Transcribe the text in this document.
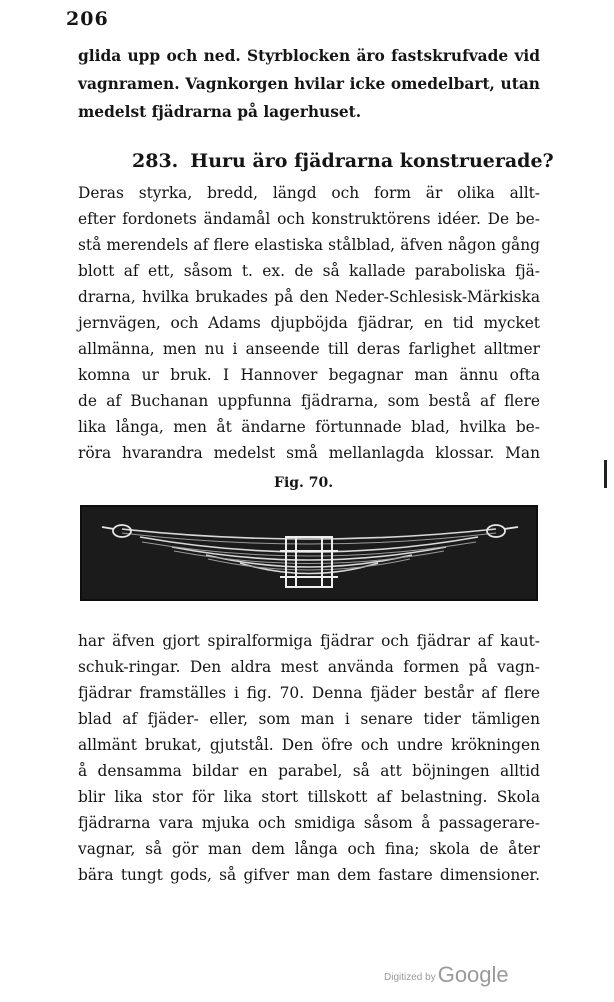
206
glida upp och ned. Styrblocken äro fastskrufvade vid
vagnramen. Vagnkorgen hvilar icke omedelbart, utan
medelst fjädrarna på lagerhuset.
283. Huru äro fjädrarna konstruerade?
Deras styrka, bredd, längd och form är olika allt-
efter fordonets ändamål och konstruktörens idéer. De be-
stå merendels af flere elastiska stålblad, äfven någon gång
blott af ett, såsom t. ex. de så kallade paraboliska fjä-
drarna, hvilka brukades på den Neder-Schlesisk-Märkiska
jernvägen, och Adams djupböjda fjädrar, en tid mycket
allmänna, men nu i anseende till deras farlighet alltmer
komna ur bruk. I Hannover begagnar man ännu ofta
de af Buchanan uppfunna fjädrarna, som bestå af flere
lika långa, men åt ändarne förtunnade blad, hvilka be-
röra hvarandra medelst små mellanlagda klossar. Man
Fig. 70.
har äfven gjort spiralformiga fjädrar och fjädrar af kaut-
schuk-ringar. Den aldra mest använda formen på vagn-
fjädrar framställes i fig. 70. Denna fjäder består af flere
blad af fjäder- eller, som man i senare tider tämligen
allmänt brukat, gjutstål. Den öfre och undre krökningen
å densamma bildar en parabel, så att böjningen alltid
blir lika stor för lika stort tillskott af belastning. Skola
fjädrarna vara mjuka och smidiga såsom å passagerare-
vagnar, så gör man dem långa och fina; skola de åter
bära tungt gods, så gifver man dem fastare dimensioner.
Digitized byGoogle
